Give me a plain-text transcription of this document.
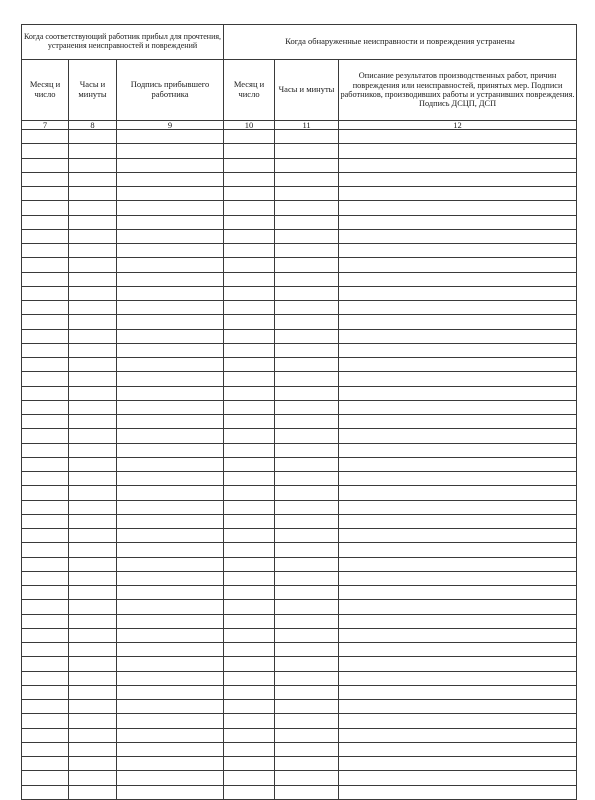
Когда соответствующий работник прибыл для прочтения, устранения неисправностей и повреждений			Когда обнаруженные неисправности и повреждения устранены		
Месяц и число	Часы и минуты	Подпись прибывшего работника	Месяц и число	Часы и минуты	Описание результатов производственных работ, причин повреждения или неисправностей, принятых мер. Подписи работников, производивших работы и устранивших повреждения. Подпись ДСЦП, ДСП
7	8	9	10	11	12
